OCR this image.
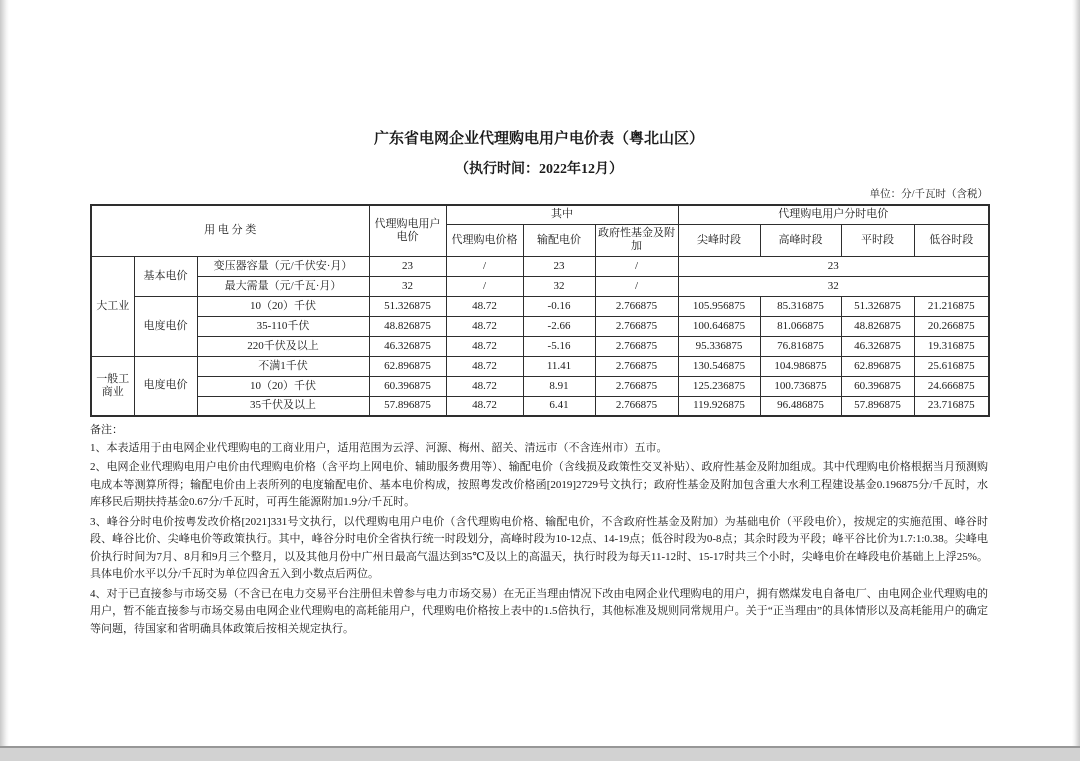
广东省电网企业代理购电用户电价表（粤北山区）
（执行时间：2022年12月）
单位：分/千瓦时（含税）
用 电 分 类			代理购电用户电价	其中			代理购电用户分时电价			
				代理购电价格	输配电价	政府性基金及附加	尖峰时段	高峰时段	平时段	低谷时段
大工业	基本电价	变压器容量（元/千伏安·月）	23	/	23	/	23			
		最大需量（元/千瓦·月）	32	/	32	/	32			
	电度电价	10（20）千伏	51.326875	48.72	-0.16	2.766875	105.956875	85.316875	51.326875	21.216875
		35-110千伏	48.826875	48.72	-2.66	2.766875	100.646875	81.066875	48.826875	20.266875
		220千伏及以上	46.326875	48.72	-5.16	2.766875	95.336875	76.816875	46.326875	19.316875
一般工商业	电度电价	不满1千伏	62.896875	48.72	11.41	2.766875	130.546875	104.986875	62.896875	25.616875
		10（20）千伏	60.396875	48.72	8.91	2.766875	125.236875	100.736875	60.396875	24.666875
		35千伏及以上	57.896875	48.72	6.41	2.766875	119.926875	96.486875	57.896875	23.716875

备注：

1、本表适用于由电网企业代理购电的工商业用户，适用范围为云浮、河源、梅州、韶关、清远市（不含连州市）五市。

2、电网企业代理购电用户电价由代理购电价格（含平均上网电价、辅助服务费用等）、输配电价（含线损及政策性交叉补贴）、政府性基金及附加组成。其中代理购电价格根据当月预测购电成本等测算所得；输配电价由上表所列的电度输配电价、基本电价构成，按照粤发改价格函[2019]2729号文执行；政府性基金及附加包含重大水利工程建设基金0.196875分/千瓦时，水库移民后期扶持基金0.67分/千瓦时，可再生能源附加1.9分/千瓦时。

3、峰谷分时电价按粤发改价格[2021]331号文执行，以代理购电用户电价（含代理购电价格、输配电价，不含政府性基金及附加）为基础电价（平段电价），按规定的实施范围、峰谷时段、峰谷比价、尖峰电价等政策执行。其中，峰谷分时电价全省执行统一时段划分，高峰时段为10-12点、14-19点；低谷时段为0-8点；其余时段为平段；峰平谷比价为1.7:1:0.38。尖峰电价执行时间为7月、8月和9月三个整月，以及其他月份中广州日最高气温达到35℃及以上的高温天，执行时段为每天11-12时、15-17时共三个小时，尖峰电价在峰段电价基础上上浮25%。具体电价水平以分/千瓦时为单位四舍五入到小数点后两位。

4、对于已直接参与市场交易（不含已在电力交易平台注册但未曾参与电力市场交易）在无正当理由情况下改由电网企业代理购电的用户，拥有燃煤发电自备电厂、由电网企业代理购电的用户，暂不能直接参与市场交易由电网企业代理购电的高耗能用户，代理购电价格按上表中的1.5倍执行，其他标准及规则同常规用户。关于“正当理由”的具体情形以及高耗能用户的确定等问题，待国家和省明确具体政策后按相关规定执行。
